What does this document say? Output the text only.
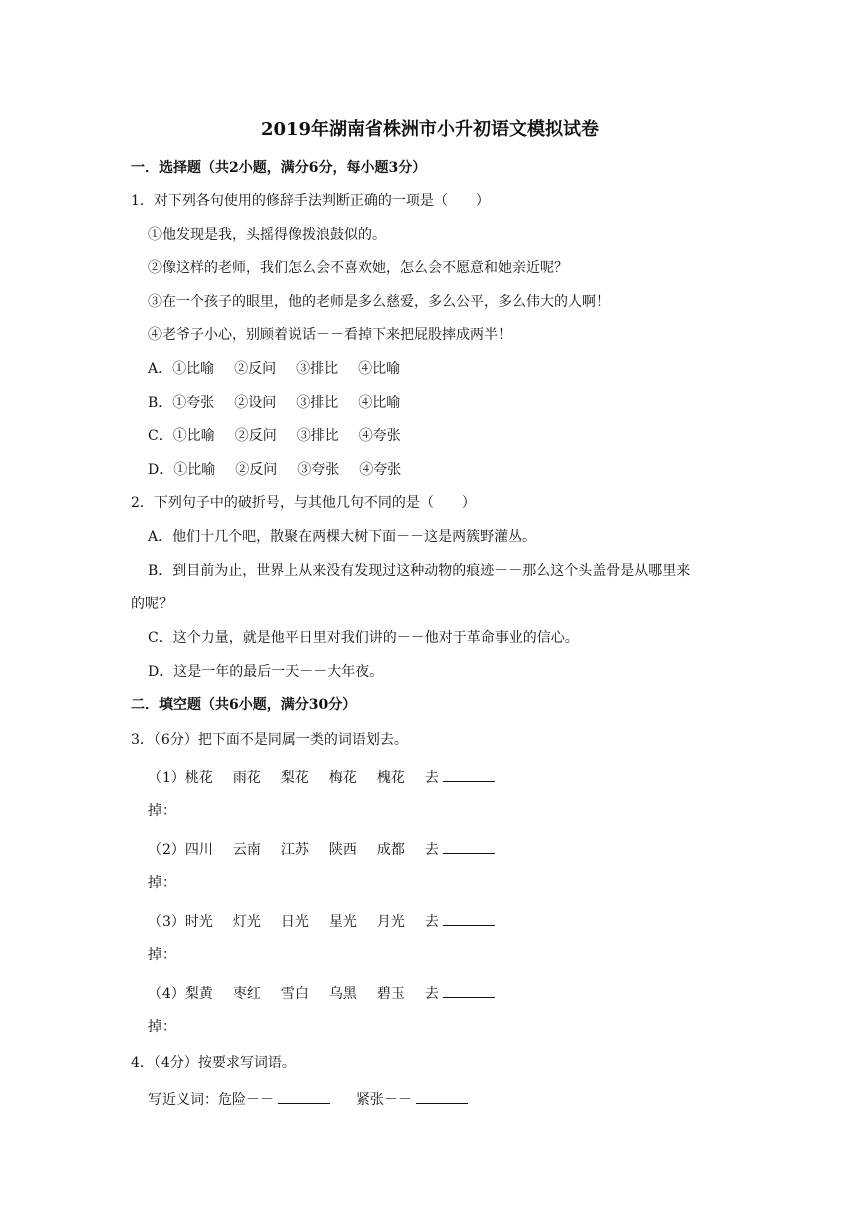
2019年湖南省株洲市小升初语文模拟试卷
一．选择题（共2小题，满分6分，每小题3分）
1．对下列各句使用的修辞手法判断正确的一项是（　　）
①他发现是我，头摇得像拨浪鼓似的。
②像这样的老师，我们怎么会不喜欢她，怎么会不愿意和她亲近呢？
③在一个孩子的眼里，他的老师是多么慈爱，多么公平，多么伟大的人啊！
④老爷子小心，别顾着说话－－看掉下来把屁股摔成两半！
A．①比喻 ②反问 ③排比 ④比喻
B．①夸张 ②设问 ③排比 ④比喻
C．①比喻 ②反问 ③排比 ④夸张
D．①比喻 ②反问 ③夸张 ④夸张
2．下列句子中的破折号，与其他几句不同的是（　　）
A．他们十几个吧，散聚在两棵大树下面－－这是两簇野灌丛。
B．到目前为止，世界上从来没有发现过这种动物的痕迹－－那么这个头盖骨是从哪里来
的呢？
C．这个力量，就是他平日里对我们讲的－－他对于革命事业的信心。
D．这是一年的最后一天－－大年夜。
二．填空题（共6小题，满分30分）
3．（6分）把下面不是同属一类的词语划去。
（1）桃花 雨花 梨花 梅花 槐花 去
掉：
（2）四川 云南 江苏 陕西 成都 去
掉：
（3）时光 灯光 日光 星光 月光 去
掉：
（4）梨黄 枣红 雪白 乌黑 碧玉 去
掉：
4．（4分）按要求写词语。
写近义词：危险－－	紧张－－
